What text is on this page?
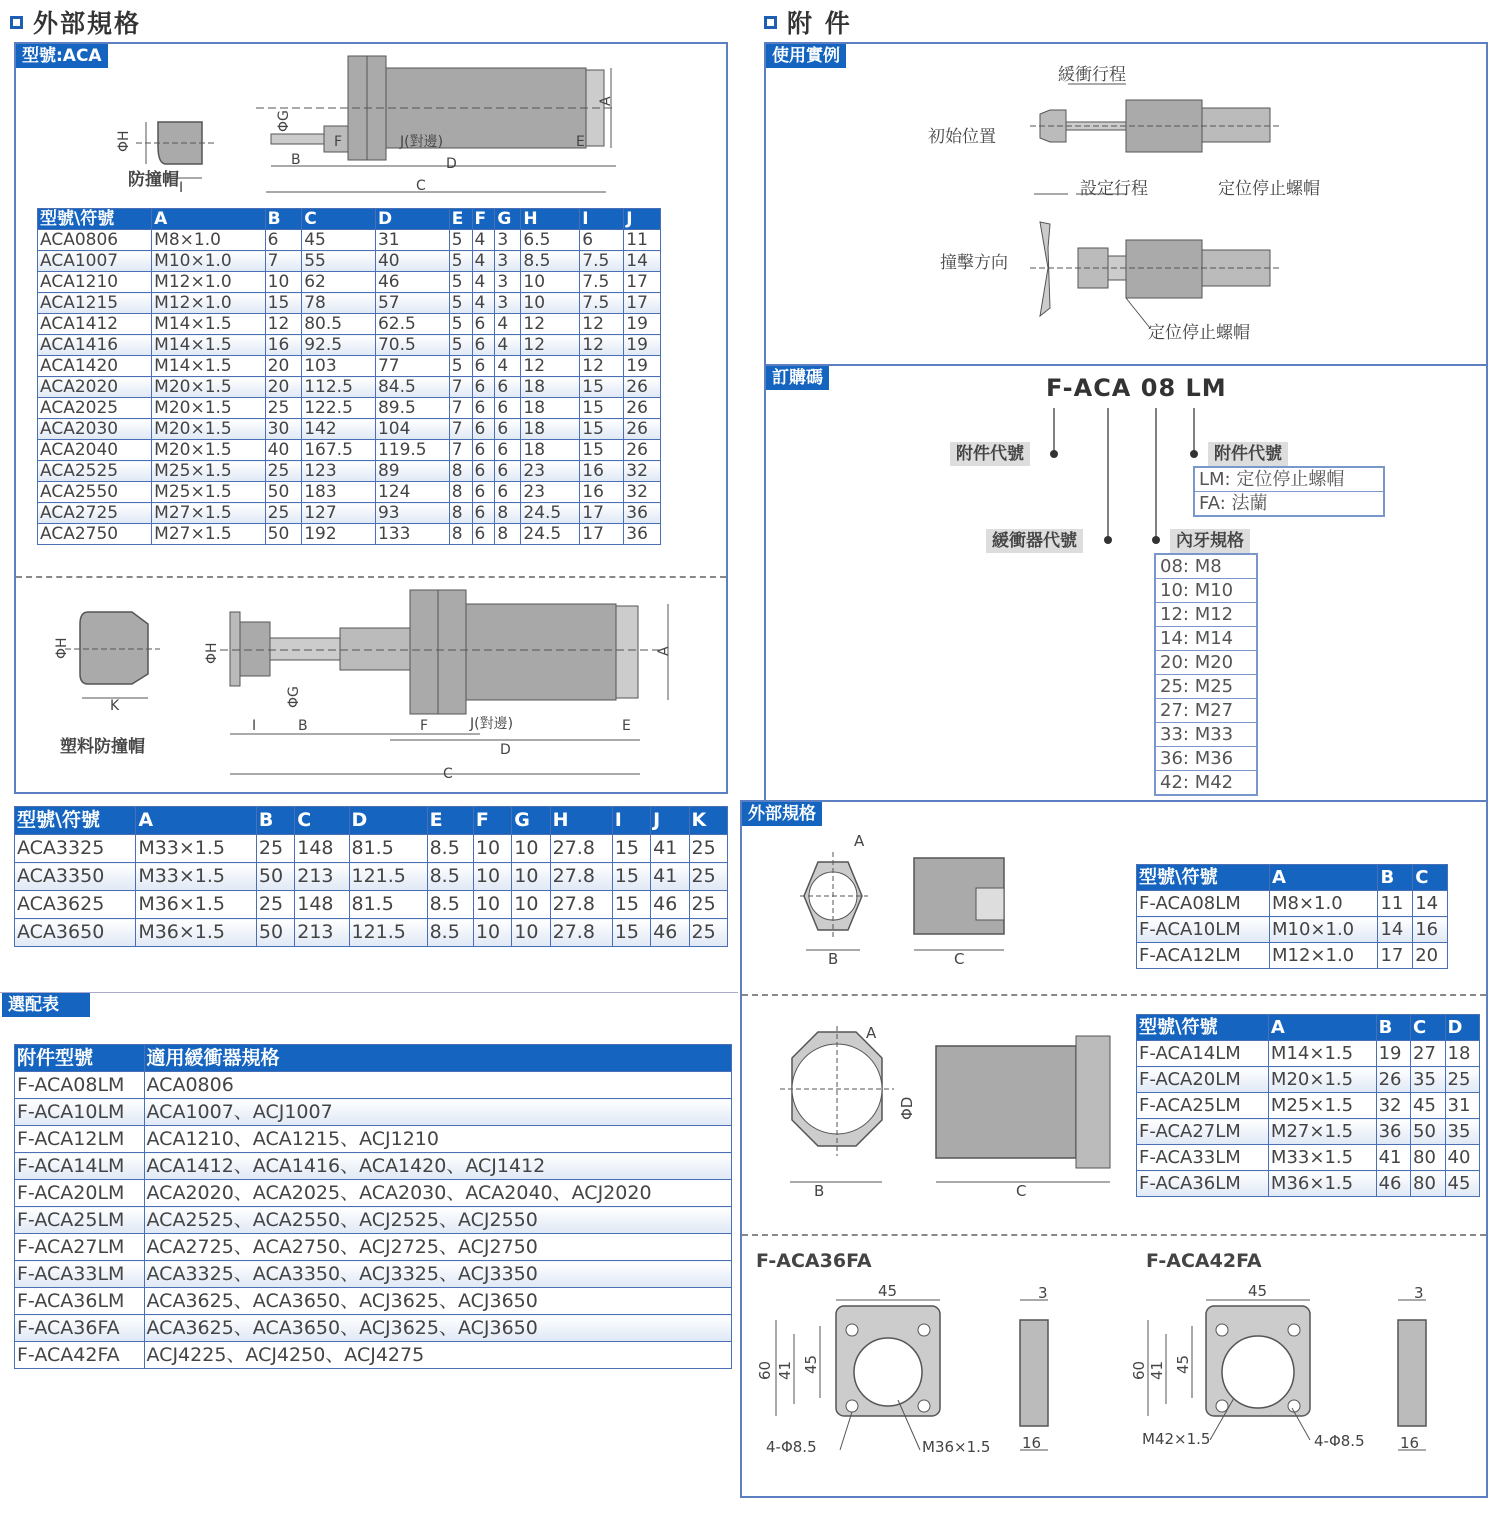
外部規格
型號:ACA
ΦH
I
A
B
C
D
E
F
ΦG
J(對邊)
防撞帽
型號\符號	A	B	C	D	E	F	G	H	I	J
ACA0806	M8×1.0	6	45	31	5	4	3	6.5	6	11
ACA1007	M10×1.0	7	55	40	5	4	3	8.5	7.5	14
ACA1210	M12×1.0	10	62	46	5	4	3	10	7.5	17
ACA1215	M12×1.0	15	78	57	5	4	3	10	7.5	17
ACA1412	M14×1.5	12	80.5	62.5	5	6	4	12	12	19
ACA1416	M14×1.5	16	92.5	70.5	5	6	4	12	12	19
ACA1420	M14×1.5	20	103	77	5	6	4	12	12	19
ACA2020	M20×1.5	20	112.5	84.5	7	6	6	18	15	26
ACA2025	M20×1.5	25	122.5	89.5	7	6	6	18	15	26
ACA2030	M20×1.5	30	142	104	7	6	6	18	15	26
ACA2040	M20×1.5	40	167.5	119.5	7	6	6	18	15	26
ACA2525	M25×1.5	25	123	89	8	6	6	23	16	32
ACA2550	M25×1.5	50	183	124	8	6	6	23	16	32
ACA2725	M27×1.5	25	127	93	8	6	8	24.5	17	36
ACA2750	M27×1.5	50	192	133	8	6	8	24.5	17	36
ΦH
K
ΦH
ΦG
I	B	F	J(對邊)
D
E
C
A
塑料防撞帽
型號\符號	A	B	C	D	E	F	G	H	I	J	K
ACA3325	M33×1.5	25	148	81.5	8.5	10	10	27.8	15	41	25
ACA3350	M33×1.5	50	213	121.5	8.5	10	10	27.8	15	41	25
ACA3625	M36×1.5	25	148	81.5	8.5	10	10	27.8	15	46	25
ACA3650	M36×1.5	50	213	121.5	8.5	10	10	27.8	15	46	25
選配表
附件型號	適用緩衝器規格
F-ACA08LM	ACA0806
F-ACA10LM	ACA1007、ACJ1007
F-ACA12LM	ACA1210、ACA1215、ACJ1210
F-ACA14LM	ACA1412、ACA1416、ACA1420、ACJ1412
F-ACA20LM	ACA2020、ACA2025、ACA2030、ACA2040、ACJ2020
F-ACA25LM	ACA2525、ACA2550、ACJ2525、ACJ2550
F-ACA27LM	ACA2725、ACA2750、ACJ2725、ACJ2750
F-ACA33LM	ACA3325、ACA3350、ACJ3325、ACJ3350
F-ACA36LM	ACA3625、ACA3650、ACJ3625、ACJ3650
F-ACA36FA	ACA3625、ACA3650、ACJ3625、ACJ3650
F-ACA42FA	ACJ4225、ACJ4250、ACJ4275
附 件
使用實例
緩衝行程
初始位置
設定行程	定位停止螺帽
撞擊方向
定位停止螺帽
訂購碼	F-ACA 08 LM
附件代號	附件代號
LM: 定位停止螺帽
FA: 法蘭
緩衝器代號	內牙規格
08: M8
10: M10
12: M12
14: M14
20: M20
25: M25
27: M27
33: M33
36: M36
42: M42
外部規格
A
B	C
A
B
ΦD
C
型號\符號	A	B	C
F-ACA08LM	M8×1.0	11	14
F-ACA10LM	M10×1.0	14	16
F-ACA12LM	M12×1.0	17	20
型號\符號	A	B	C	D
F-ACA14LM	M14×1.5	19	27	18
F-ACA20LM	M20×1.5	26	35	25
F-ACA25LM	M25×1.5	32	45	31
F-ACA27LM	M27×1.5	36	50	35
F-ACA33LM	M33×1.5	41	80	40
F-ACA36LM	M36×1.5	46	80	45
F-ACA36FA	F-ACA42FA
45
60 41 45
4-Φ8.5	M36×1.5
3
16
45
60 41 45
M42×1.5	4-Φ8.5
3
16
